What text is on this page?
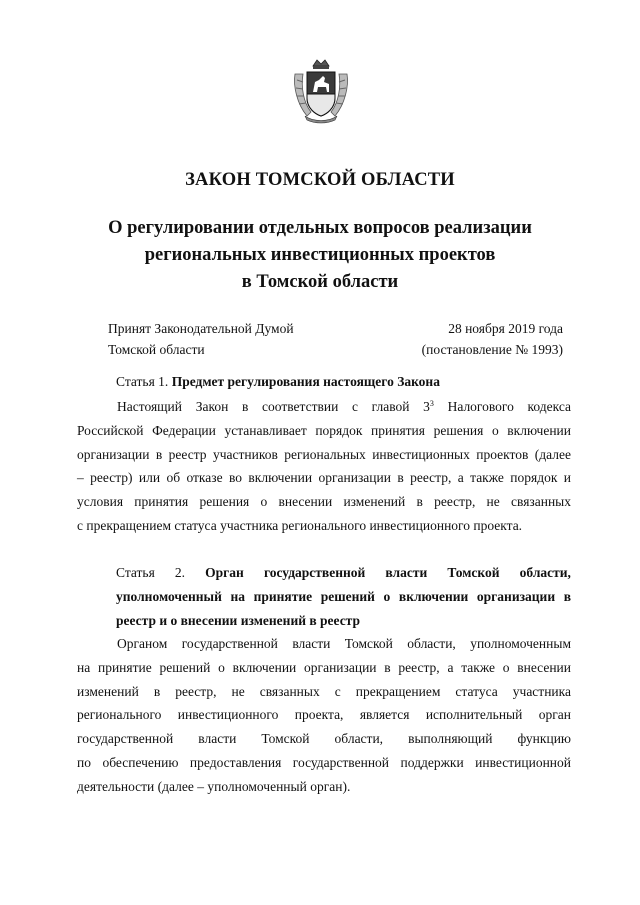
ЗАКОН ТОМСКОЙ ОБЛАСТИ
О регулировании отдельных вопросов реализации
региональных инвестиционных проектов
в Томской области
Принят Законодательной Думой
Томской области
28 ноября 2019 года
(постановление № 1993)
Статья 1. Предмет регулирования настоящего Закона
Настоящий Закон в соответствии с главой $3^3$ Налогового кодекса
Российской Федерации устанавливает порядок принятия решения о включении
организации в реестр участников региональных инвестиционных проектов (далее
– реестр) или об отказе во включении организации в реестр, а также порядок и
условия принятия решения о внесении изменений в реестр, не связанных
с прекращением статуса участника регионального инвестиционного проекта.
Статья 2. Орган государственной власти Томской области,
уполномоченный на принятие решений о включении организации в
реестр и о внесении изменений в реестр
Органом государственной власти Томской области, уполномоченным
на принятие решений о включении организации в реестр, а также о внесении
изменений в реестр, не связанных с прекращением статуса участника
регионального инвестиционного проекта, является исполнительный орган
государственной власти Томской области, выполняющий функцию
по обеспечению предоставления государственной поддержки инвестиционной
деятельности (далее – уполномоченный орган).
